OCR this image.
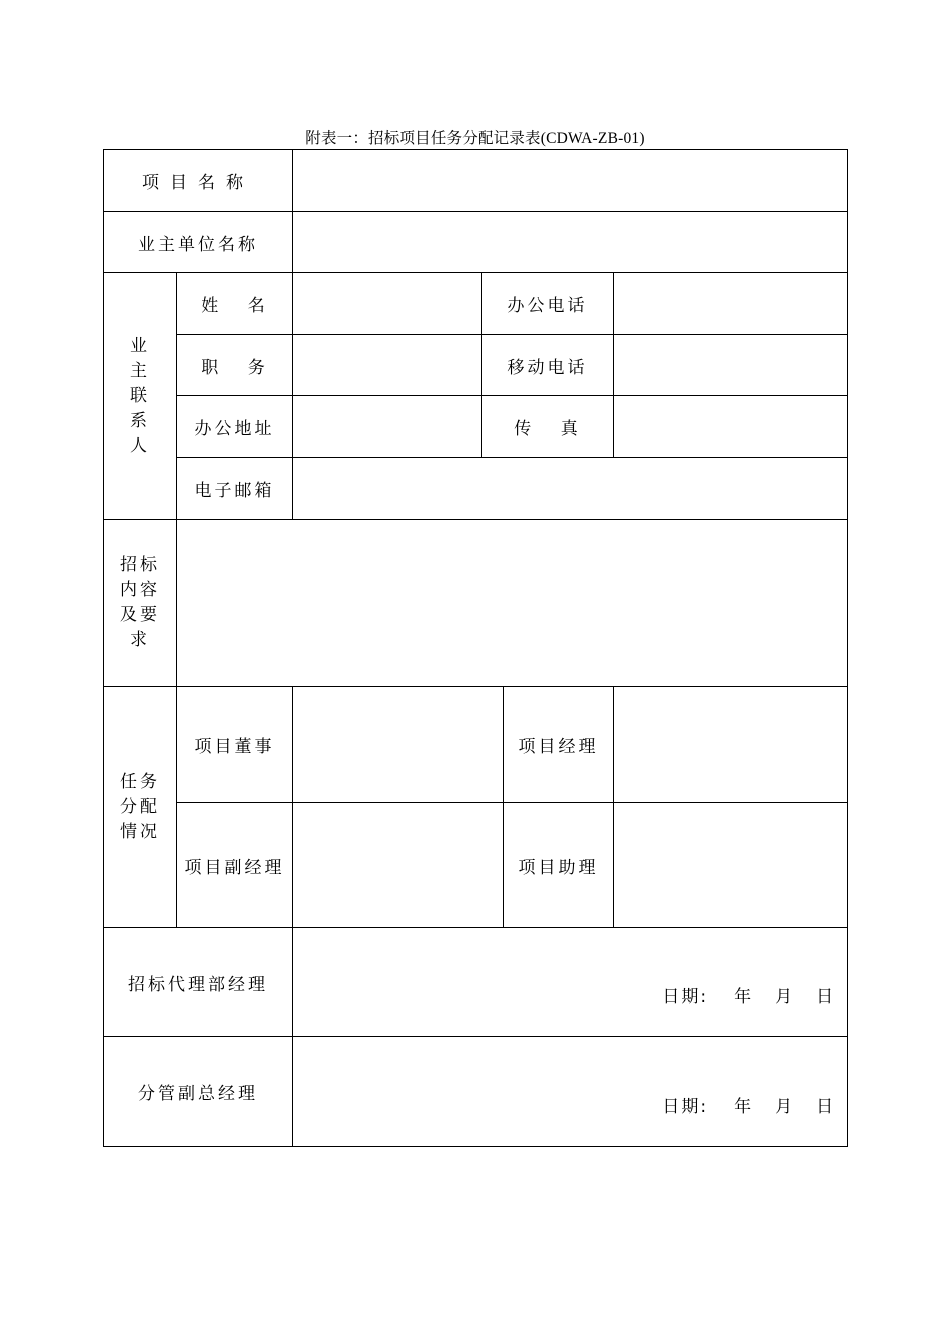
附表一：招标项目任务分配记录表(CDWA-ZB-01)
项目名称					
业主单位名称					

业
主
联
系
人	姓 名		办公电话		
	职 务		移动电话		
	办公地址		传 真		
	电子邮箱				

招标
内容
及要
求					

任务
分配
情况	项目董事			项目经理	
	项目副经理			项目助理	
招标代理部经理		日期: 年 月 日			

分管副总经理		日期: 年 月 日			
